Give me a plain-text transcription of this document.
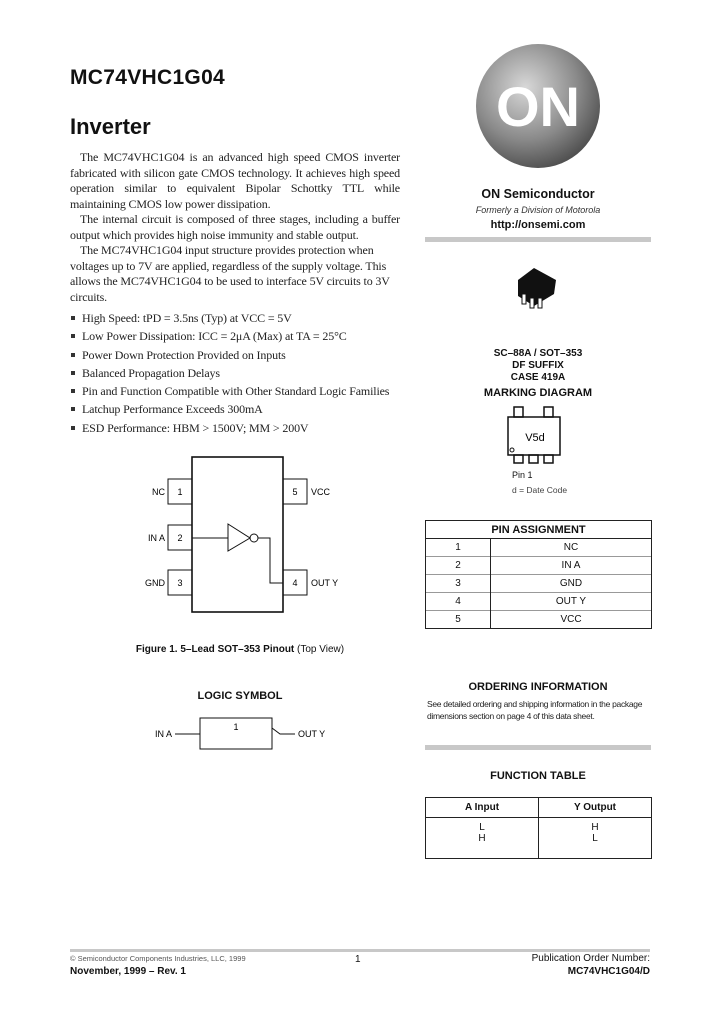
MC74VHC1G04
Inverter

The MC74VHC1G04 is an advanced high speed CMOS inverter fabricated with silicon gate CMOS technology. It achieves high speed operation similar to equivalent Bipolar Schottky TTL while maintaining CMOS low power dissipation.

The internal circuit is composed of three stages, including a buffer output which provides high noise immunity and stable output.

The MC74VHC1G04 input structure provides protection when voltages up to 7V are applied, regardless of the supply voltage. This allows the MC74VHC1G04 to be used to interface 5V circuits to 3V circuits.

High Speed: tPD = 3.5ns (Typ) at VCC = 5V
Low Power Dissipation: ICC = 2μA (Max) at TA = 25°C
Power Down Protection Provided on Inputs
Balanced Propagation Delays
Pin and Function Compatible with Other Standard Logic Families
Latchup Performance Exceeds 300mA
ESD Performance: HBM > 1500V; MM > 200V
1
2
3	4
5
NC
IN A
GND	OUT Y
VCC
Figure 1. 5–Lead SOT–353 Pinout (Top View)
LOGIC SYMBOL
IN A
1
OUT Y
ON
ON Semiconductor
Formerly a Division of Motorola
http://onsemi.com
SC–88A / SOT–353
DF SUFFIX
CASE 419A
MARKING DIAGRAM
V5d
Pin 1
d = Date Code
PIN ASSIGNMENT	
1	NC
2	IN A
3	GND
4	OUT Y
5	VCC
ORDERING INFORMATION
See detailed ordering and shipping information in the package dimensions section on page 4 of this data sheet.
FUNCTION TABLE
A Input	Y Output
L	H
H	L
© Semiconductor Components Industries, LLC, 1999
November, 1999 – Rev. 1
1	Publication Order Number:
MC74VHC1G04/D
